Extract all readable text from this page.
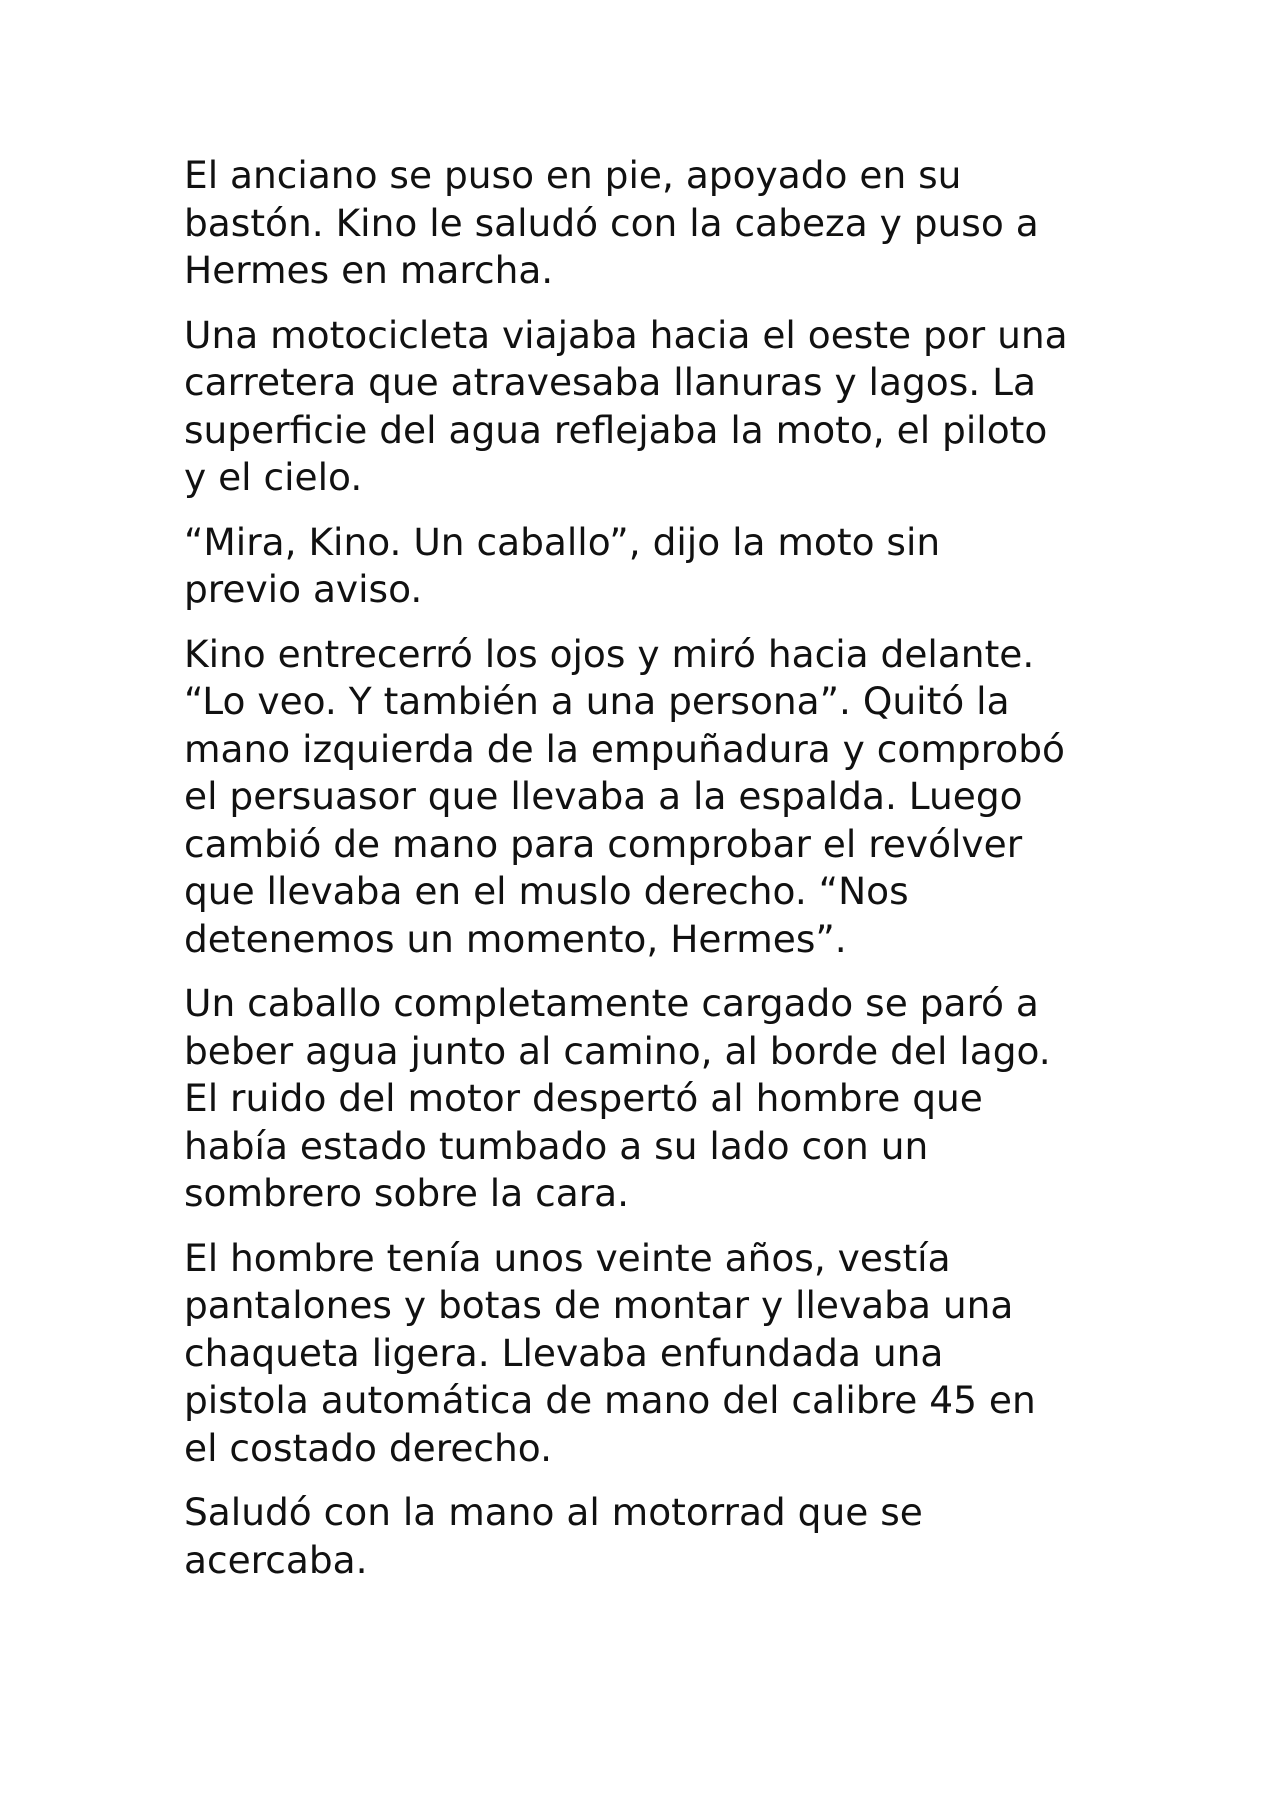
El anciano se puso en pie, apoyado en su
bastón. Kino le saludó con la cabeza y puso a
Hermes en marcha.

Una motocicleta viajaba hacia el oeste por una
carretera que atravesaba llanuras y lagos. La
superficie del agua reflejaba la moto, el piloto
y el cielo.

“Mira, Kino. Un caballo”, dijo la moto sin
previo aviso.

Kino entrecerró los ojos y miró hacia delante.
“Lo veo. Y también a una persona”. Quitó la
mano izquierda de la empuñadura y comprobó
el persuasor que llevaba a la espalda. Luego
cambió de mano para comprobar el revólver
que llevaba en el muslo derecho. “Nos
detenemos un momento, Hermes”.

Un caballo completamente cargado se paró a
beber agua junto al camino, al borde del lago.
El ruido del motor despertó al hombre que
había estado tumbado a su lado con un
sombrero sobre la cara.

El hombre tenía unos veinte años, vestía
pantalones y botas de montar y llevaba una
chaqueta ligera. Llevaba enfundada una
pistola automática de mano del calibre 45 en
el costado derecho.

Saludó con la mano al motorrad que se
acercaba.
